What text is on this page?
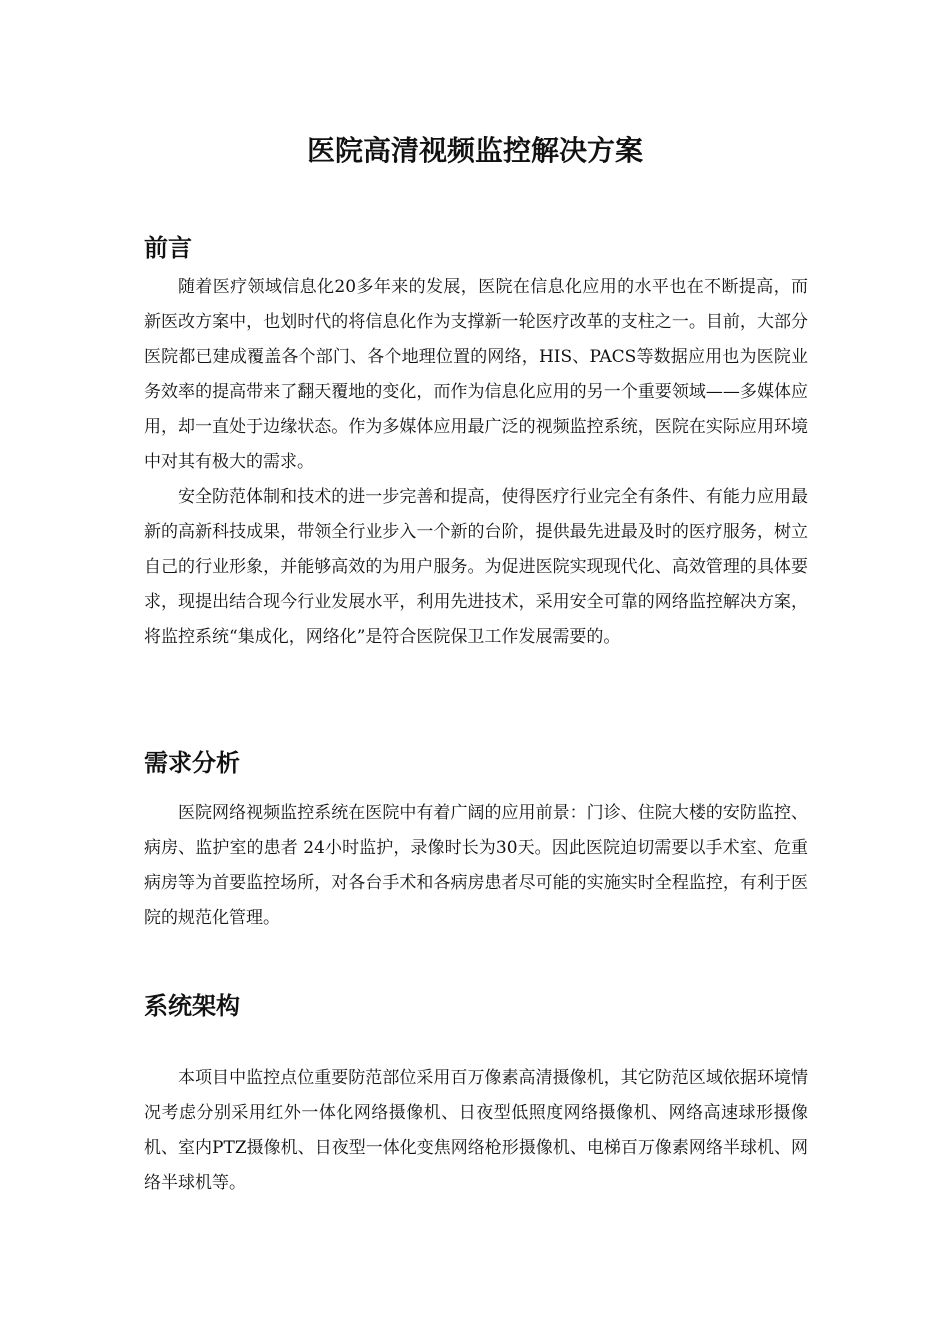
医院高清视频监控解决方案
前言

随着医疗领域信息化20多年来的发展，医院在信息化应用的水平也在不断提高，而新医改方案中，也划时代的将信息化作为支撑新一轮医疗改革的支柱之一。目前，大部分医院都已建成覆盖各个部门、各个地理位置的网络，HIS、PACS等数据应用也为医院业务效率的提高带来了翻天覆地的变化，而作为信息化应用的另一个重要领域——多媒体应用，却一直处于边缘状态。作为多媒体应用最广泛的视频监控系统，医院在实际应用环境中对其有极大的需求。

安全防范体制和技术的进一步完善和提高，使得医疗行业完全有条件、有能力应用最新的高新科技成果，带领全行业步入一个新的台阶，提供最先进最及时的医疗服务，树立自己的行业形象，并能够高效的为用户服务。为促进医院实现现代化、高效管理的具体要求，现提出结合现今行业发展水平，利用先进技术，采用安全可靠的网络监控解决方案，将监控系统“集成化，网络化”是符合医院保卫工作发展需要的。

需求分析

医院网络视频监控系统在医院中有着广阔的应用前景：门诊、住院大楼的安防监控、病房、监护室的患者 24小时监护，录像时长为30天。因此医院迫切需要以手术室、危重病房等为首要监控场所，对各台手术和各病房患者尽可能的实施实时全程监控，有利于医院的规范化管理。

系统架构

本项目中监控点位重要防范部位采用百万像素高清摄像机，其它防范区域依据环境情况考虑分别采用红外一体化网络摄像机、日夜型低照度网络摄像机、网络高速球形摄像机、室内PTZ摄像机、日夜型一体化变焦网络枪形摄像机、电梯百万像素网络半球机、网络半球机等。
